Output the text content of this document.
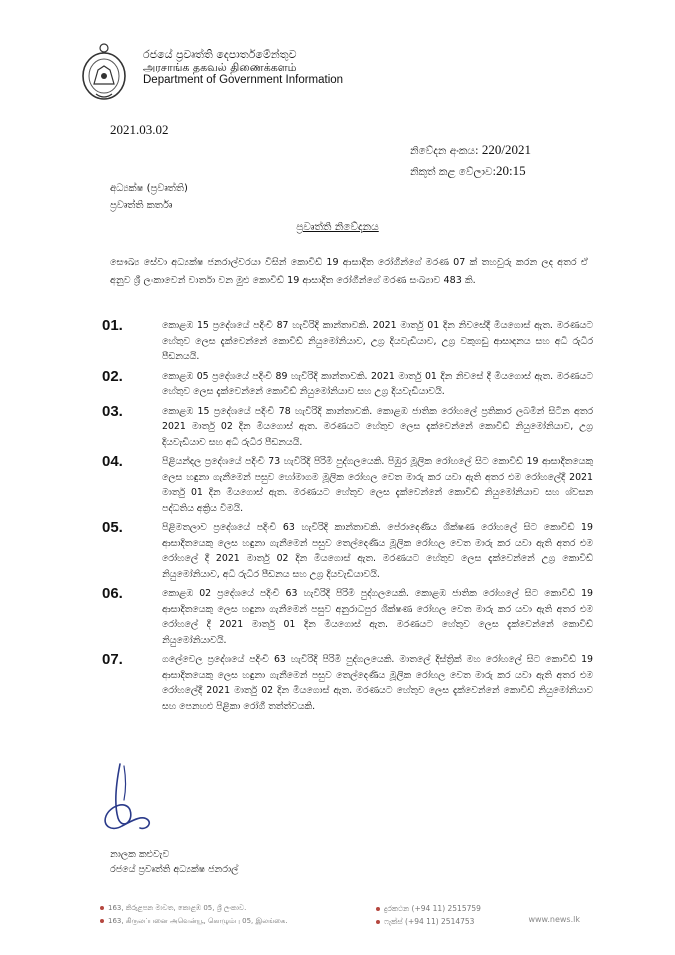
රජයේ ප්‍රවෘත්ති දෙපාර්තමේන්තුව
அரசாங்க தகவல் திணைக்களம்
Department of Government Information
2021.03.02
නිවේදන අංකය: 220/2021
නිකුත් කළ වේලාව:20:15
අධ්‍යක්ෂ (ප්‍රවෘත්ති)
ප්‍රවෘත්ති කර්තෘ
ප්‍රවෘත්ති නිවේදනය
සෞඛ්‍ය සේවා අධ්‍යක්ෂ ජනරාල්වරයා විසින් කොවිඩ් 19 ආසාදිත රෝගීන්ගේ මරණ 07 ක් තහවුරු කරන ලද අතර ඒ අනුව ශ්‍රී ලංකාවෙන් වාර්තා වන මුළු කොවිඩ් 19 ආසාදිත රෝගීන්ගේ මරණ සංඛ්‍යාව 483 කි.
01.	කොළඹ 15 ප්‍රදේශයේ පදිංචි 87 හැවිරිදි කාන්තාවකි. 2021 මාර්තු 01 දින නිවසේදී මියගොස් ඇත. මරණයට හේතුව ලෙස දැක්වෙන්නේ කොවිඩ් නියුමෝනියාව, උග්‍ර දියවැඩියාව, උග්‍ර වකුගඩු ආසාදනය සහ අධි රුධිර පීඩනයයි.
02.	කොළඹ 05 ප්‍රදේශයේ පදිංචි 89 හැවිරිදි කාන්තාවකි. 2021 මාර්තු 01 දින නිවසේ දී මියගොස් ඇත. මරණයට හේතුව ලෙස දැක්වෙන්නේ කොවිඩ් නියුමෝනියාව සහ උග්‍ර දියවැඩියාවයි.
03.	කොළඹ 15 ප්‍රදේශයේ පදිංචි 78 හැවිරිදි කාන්තාවකි. කොළඹ ජාතික රෝහලේ ප්‍රතිකාර ලබමින් සිටින අතර 2021 මාර්තු 02 දින මියගොස් ඇත. මරණයට හේතුව ලෙස දැක්වෙන්නේ කොවිඩ් නියුමෝනියාව, උග්‍ර දියවැඩියාව සහ අධි රුධිර පීඩනයයි.
04.	පිළියන්දල ප්‍රදේශයේ පදිංචි 73 හැවිරිදි පිරිමි පුද්ගලයෙකි. පිඹුර මූලික රෝහලේ සිට කොවිඩ් 19 ආසාදිතයෙකු ලෙස හඳුනා ගැනීමෙන් පසුව හෝමාගම මූලික රෝහල වෙත මාරු කර යවා ඇති අතර එම රෝහලේදී 2021 මාර්තු 01 දින මියගොස් ඇත. මරණයට හේතුව ලෙස දැක්වෙන්නේ කොවිඩ් නියුමෝනියාව සහ ශ්වසන පද්ධතිය අක්‍රිය වීමයි.
05.	පිළිමතලාව ප්‍රදේශයේ පදිංචි 63 හැවිරිදි කාන්තාවකි. පේරාදෙණිය ශික්ෂණ රෝහලේ සිට කොවිඩ් 19 ආසාදිතයෙකු ලෙස හඳුනා ගැනීමෙන් පසුව තෙල්දෙණිය මූලික රෝහල වෙත මාරු කර යවා ඇති අතර එම රෝහලේ දී 2021 මාර්තු 02 දින මියගොස් ඇත. මරණයට හේතුව ලෙස දැක්වෙන්නේ උග්‍ර කොවිඩ් නියුමෝනියාව, අධි රුධිර පීඩනය සහ උග්‍ර දියවැඩියාවයි.
06.	කොළඹ 02 ප්‍රදේශයේ පදිංචි 63 හැවිරිදි පිරිමි පුද්ගලයෙකි. කොළඹ ජාතික රෝහලේ සිට කොවිඩ් 19 ආසාදිතයෙකු ලෙස හඳුනා ගැනීමෙන් පසුව අනුරාධපුර ශික්ෂණ රෝහල වෙත මාරු කර යවා ඇති අතර එම රෝහලේ දී 2021 මාර්තු 01 දින මියගොස් ඇත. මරණයට හේතුව ලෙස දැක්වෙන්නේ කොවිඩ් නියුමෝනියාවයි.
07.	ගලේවෙල ප්‍රදේශයේ පදිංචි 63 හැවිරිදි පිරිමි පුද්ගලයෙකි. මාතලේ දිස්ත්‍රික් මහ රෝහලේ සිට කොවිඩ් 19 ආසාදිතයෙකු ලෙස හඳුනා ගැනීමෙන් පසුව තෙල්දෙණිය මූලික රෝහල වෙත මාරු කර යවා ඇති අතර එම රෝහලේදී 2021 මාර්තු 02 දින මියගොස් ඇත. මරණයට හේතුව ලෙස දැක්වෙන්නේ කොවිඩ් නියුමෝනියාව සහ පෙනහළු පිළිකා රෝගී තත්ත්වයකි.
නාලක කළුවැව
රජයේ ප්‍රවෘත්ති අධ්‍යක්ෂ ජනරාල්
163, කිරුළපන මාවත, කොළඹ 05, ශ්‍රී ලංකාව.
163, கிருலப்பனை அவென்யூ, கொழும்பு 05, இலங்கை.
දුරකථන (+94 11) 2515759
ෆැක්ස් (+94 11) 2514753	www.news.lk
